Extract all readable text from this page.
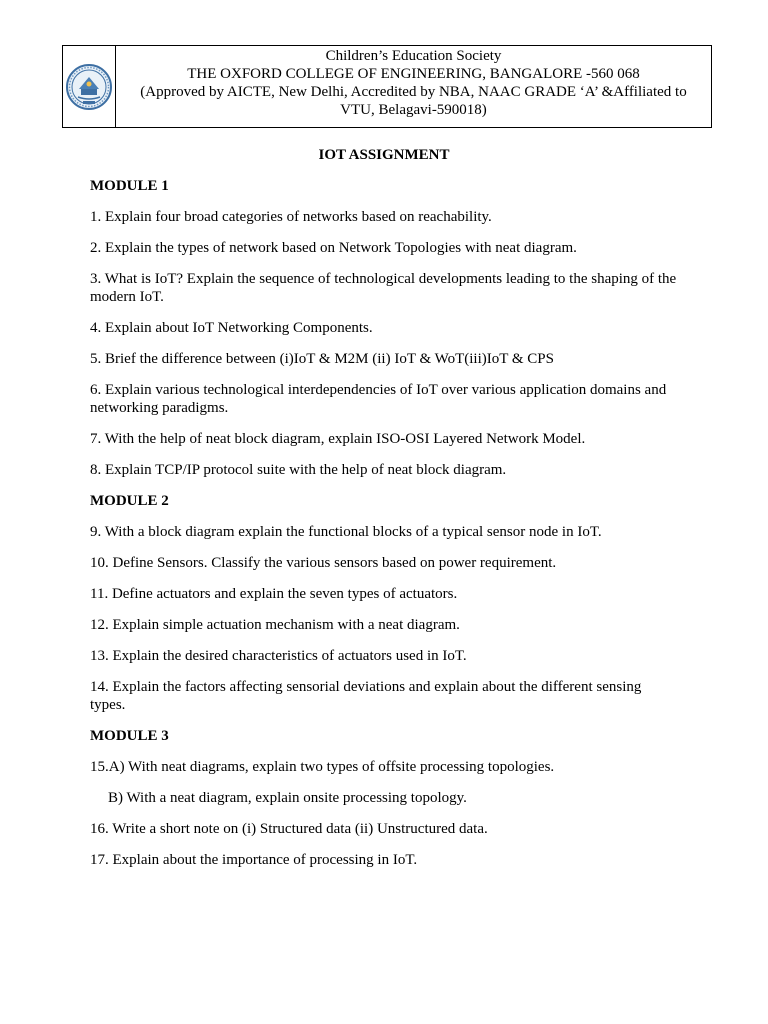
Children’s Education Society
THE OXFORD COLLEGE OF ENGINEERING, BANGALORE -560 068
(Approved by AICTE, New Delhi, Accredited by NBA, NAAC GRADE ‘A’ &Affiliated to
VTU, Belagavi-590018)
IOT ASSIGNMENT
MODULE 1
1. Explain four broad categories of networks based on reachability.
2. Explain the types of network based on Network Topologies with neat diagram.
3. What is IoT? Explain the sequence of technological developments leading to the shaping of the modern IoT.
4. Explain about IoT Networking Components.
5. Brief the difference between (i)IoT & M2M (ii) IoT & WoT(iii)IoT & CPS
6. Explain various technological interdependencies of IoT over various application domains and networking paradigms.
7. With the help of neat block diagram, explain ISO-OSI Layered Network Model.
8. Explain TCP/IP protocol suite with the help of neat block diagram.
MODULE 2
9. With a block diagram explain the functional blocks of a typical sensor node in IoT.
10. Define Sensors. Classify the various sensors based on power requirement.
11. Define actuators and explain the seven types of actuators.
12. Explain simple actuation mechanism with a neat diagram.
13. Explain the desired characteristics of actuators used in IoT.
14. Explain the factors affecting sensorial deviations and explain about the different sensing types.
MODULE 3
15.A) With neat diagrams, explain two types of offsite processing topologies.
B) With a neat diagram, explain onsite processing topology.
16. Write a short note on (i) Structured data (ii) Unstructured data.
17. Explain about the importance of processing in IoT.
